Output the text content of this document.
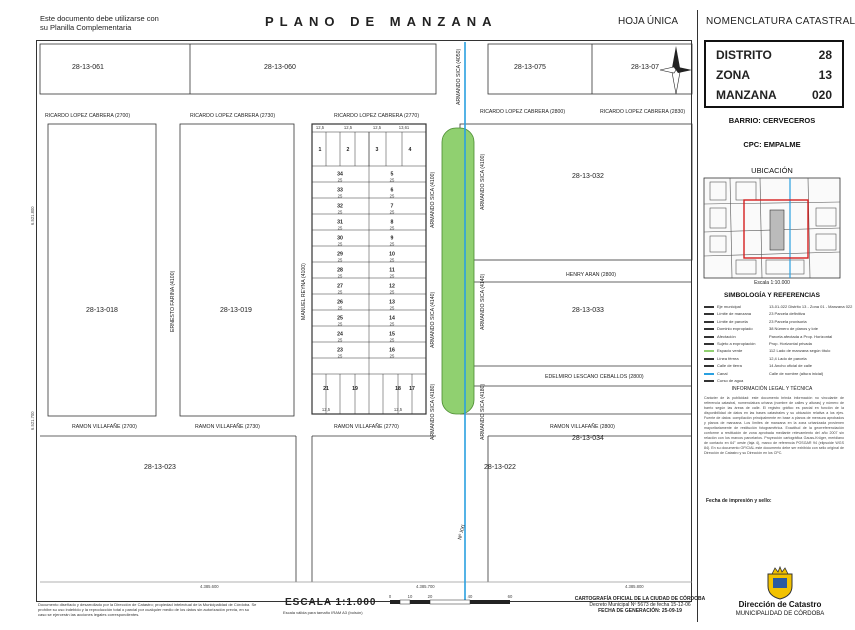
Este documento debe utilizarse con su Planilla Complementaria	PLANO DE MANZANA	HOJA ÚNICA	NOMENCLATURA CATASTRAL
28-13-061	28-13-060	28-13-075	28-13-07
28-13-032
28-13-018	28-13-019	28-13-033
28-13-034
28-13-023	28-13-022
RICARDO LOPEZ CABRERA (2700)	RICARDO LOPEZ CABRERA (2730)	RICARDO LOPEZ CABRERA (2770)
RICARDO LOPEZ CABRERA (2800)	RICARDO LOPEZ CABRERA (2830)
HENRY ARAN (2800)
EDELMIRO LESCANO CEBALLOS (2800)
RAMON VILLAFAÑE (2700)	RAMON VILLAFAÑE (2730)	RAMON VILLAFAÑE (2770)	RAMON VILLAFAÑE (2800)
ARMANDO SICA (4050)
ARMANDO SICA (4100)
ARMANDO SICA (4140)
ARMANDO SICA (4180)
ARMANDO SICA (4100)
ARMANDO SICA (4140)
ARMANDO SICA (4180)
ERNESTO FARINA (4100)	MANUEL REYNA (4100)
Nº XXI
4.385.600	4.385.700	4.385.800
6.521.800
6.521.700
0	10	20	40	60
1	2	3	4
12,5	12,5	12,5	13,61
34	5
25	25
33	6
25	25
32	7
25	25
31	8
25	25
30	9
25	25
29	10
25	25
28	11
25	25
27	12
25	25
26	13
25	25
25	14
25	25
24	15
25	25
23	16
25	25
21	19	18 17
12,5	12,5
DISTRITO	28
ZONA	13
MANZANA	020
BARRIO: CERVECEROS
CPC: EMPALME
UBICACIÓN
Escala 1:10.000
SIMBOLOGÍA Y REFERENCIAS
Eje municipal	13-01-022 Distrito 13 - Zona 01 - Manzana 022
Límite de manzana	23 Parcela definitiva
Límite de parcela	23 Parcela provisoria
Dominio expropiado	38 Número de planos y lote
Afectación	Parcela afectada a Prop. Horizontal
Sujeto a expropiación	Prop. Horizontal privada
Espacio verde	112 Lado de manzana según título
Línea férrea	12,4 Lado de parcela
Calle de tierra	14 Ancho oficial de calle
Canal	Calle de nombre (altura inicial)
Curso de agua
INFORMACIÓN LEGAL Y TÉCNICA
Carácter de la publicidad: este documento brinda información no vinculante de referencia catastral, nomenclatura urbana (nombre de calles y alturas) y número de barrio según las áreas de calle. El registro gráfico es parcial en función de la disponibilidad de datos en las bases catastrales y su ubicación relativa a los ejes. Fuente de datos: compilación principalmente en base a planos de mensura aprobados y planos de manzana. Los límites de manzana en la zona urbanizada provienen mayoritariamente de restitución fotogramétrica. Exactitud de la georreferenciación conforme a restitución de zona aprobada mediante relevamiento del año 2007 sin relación con los marcos parcelarios. Proyección cartográfica Gauss-Krüger, meridiano de contacto en 64° oeste (faja 4), marco de referencia POSGAR 94 (elipsoide WGS 84). En su documento OFICIAL este documento debe ser exhibido con sello original de Dirección de Catastro y su Dirección en los CPC.
Fecha de impresión y sello:
Documento diseñado y desarrollado por la Dirección de Catastro; propiedad intelectual de la Municipalidad de Córdoba. Se prohíbe su uso indebido y la reproducción total o parcial por cualquier medio de los datos sin autorización previa, en su caso se ejercerán las acciones legales correspondientes.
ESCALA 1:1.000
Escala válida para tamaño IRAM A3 (bolsón)
CARTOGRAFÍA OFICIAL DE LA CIUDAD DE CÓRDOBA
Decreto Municipal Nº 5673 de fecha 15-12-06
FECHA DE GENERACIÓN: 25-09-19
Dirección de Catastro
MUNICIPALIDAD DE CÓRDOBA
